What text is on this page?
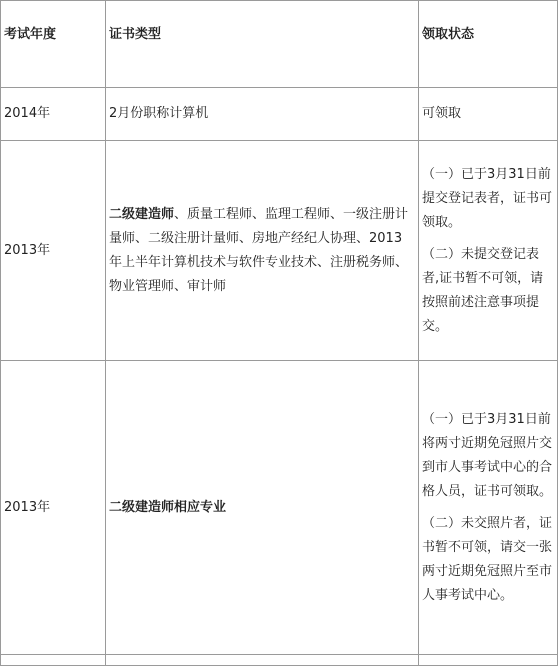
考试年度	证书类型	领取状态
2014年	2月份职称计算机	可领取

2013年	二级建造师、质量工程师、监理工程师、一级注册计量师、二级注册计量师、房地产经纪人协理、2013年上半年计算机技术与软件专业技术、注册税务师、物业管理师、审计师	（一）已于3月31日前提交登记表者，证书可领取。

（二）未提交登记表者,证书暂不可领，请按照前述注意事项提交。

2013年	二级建造师相应专业	（一）已于3月31日前将两寸近期免冠照片交到市人事考试中心的合格人员，证书可领取。

（二）未交照片者，证书暂不可领，请交一张两寸近期免冠照片至市人事考试中心。
